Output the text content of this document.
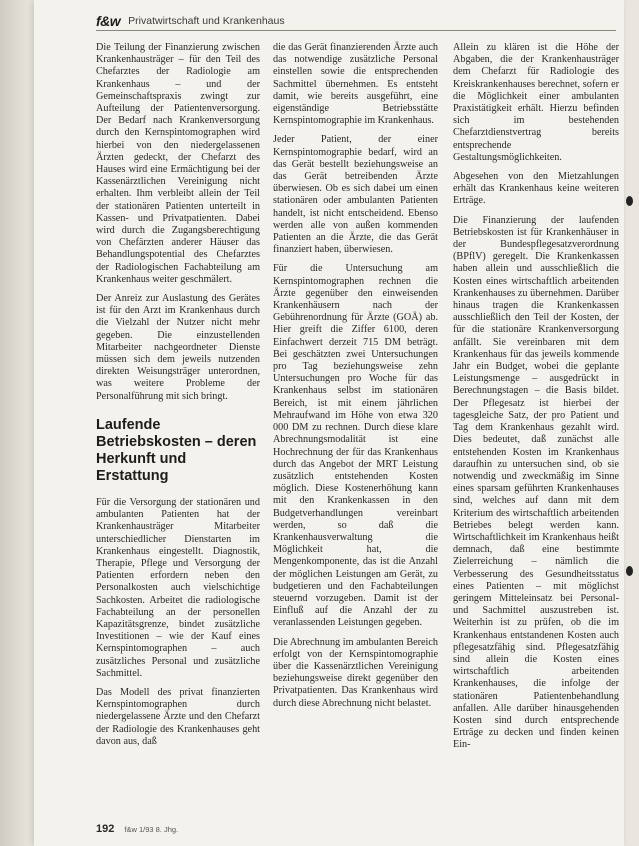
f&w Privatwirtschaft und Krankenhaus

Die Teilung der Finanzierung zwischen Krankenhausträger – für den Teil des Chefarztes der Radiologie am Krankenhaus – und der Gemeinschaftspraxis zwingt zur Aufteilung der Patientenversorgung. Der Bedarf nach Krankenversorgung durch den Kernspintomographen wird hierbei von den niedergelassenen Ärzten gedeckt, der Chefarzt des Hauses wird eine Ermächtigung bei der Kassenärztlichen Vereinigung nicht erhalten. Ihm verbleibt allein der Teil der stationären Patienten unterteilt in Kassen- und Privatpatienten. Dabei wird durch die Zugangsberechtigung von Chefärzten anderer Häuser das Behandlungspotential des Chefarztes der Radiologischen Fachabteilung am Krankenhaus weiter geschmälert.

Der Anreiz zur Auslastung des Gerätes ist für den Arzt im Krankenhaus durch die Vielzahl der Nutzer nicht mehr gegeben. Die einzustellenden Mitarbeiter nachgeordneter Dienste müssen sich dem jeweils nutzenden direkten Weisungsträger unterordnen, was weitere Probleme der Personalführung mit sich bringt.

Laufende Betriebskosten – deren Herkunft und Erstattung

Für die Versorgung der stationären und ambulanten Patienten hat der Krankenhausträger Mitarbeiter unterschiedlicher Dienstarten im Krankenhaus eingestellt. Diagnostik, Therapie, Pflege und Versorgung der Patienten erfordern neben den Personalkosten auch vielschichtige Sachkosten. Arbeitet die radiologische Fachabteilung an der personellen Kapazitätsgrenze, bindet zusätzliche Investitionen – wie der Kauf eines Kernspintomographen – auch zusätzliches Personal und zusätzliche Sachmittel.

Das Modell des privat finanzierten Kernspintomographen durch niedergelassene Ärzte und den Chefarzt der Radiologie des Krankenhauses geht davon aus, daß

die das Gerät finanzierenden Ärzte auch das notwendige zusätzliche Personal einstellen sowie die entsprechenden Sachmittel übernehmen. Es entsteht damit, wie bereits ausgeführt, eine eigenständige Betriebsstätte Kernspintomographie im Krankenhaus.

Jeder Patient, der einer Kernspintomographie bedarf, wird an das Gerät bestellt beziehungsweise an das Gerät betreibenden Ärzte überwiesen. Ob es sich dabei um einen stationären oder ambulanten Patienten handelt, ist nicht entscheidend. Ebenso werden alle von außen kommenden Patienten an die Ärzte, die das Gerät finanziert haben, überwiesen.

Für die Untersuchung am Kernspintomographen rechnen die Ärzte gegenüber den einweisenden Krankenhäusern nach der Gebührenordnung für Ärzte (GOÄ) ab. Hier greift die Ziffer 6100, deren Einfachwert derzeit 715 DM beträgt. Bei geschätzten zwei Untersuchungen pro Tag beziehungsweise zehn Untersuchungen pro Woche für das Krankenhaus selbst im stationären Bereich, ist mit einem jährlichen Mehraufwand im Höhe von etwa 320 000 DM zu rechnen. Durch diese klare Abrechnungsmodalität ist eine Hochrechnung der für das Krankenhaus durch das Angebot der MRT Leistung zusätzlich entstehenden Kosten möglich. Diese Kostenerhöhung kann mit den Krankenkassen in den Budgetverhandlungen vereinbart werden, so daß die Krankenhausverwaltung die Möglichkeit hat, die Mengenkomponente, das ist die Anzahl der möglichen Leistungen am Gerät, zu budgetieren und den Fachabteilungen steuernd vorzugeben. Damit ist der Einfluß auf die Anzahl der zu veranlassenden Leistungen gegeben.

Die Abrechnung im ambulanten Bereich erfolgt von der Kernspintomographie über die Kassenärztlichen Vereinigung beziehungsweise direkt gegenüber den Privatpatienten. Das Krankenhaus wird durch diese Abrechnung nicht belastet.

Allein zu klären ist die Höhe der Abgaben, die der Krankenhausträger dem Chefarzt für Radiologie des Kreiskrankenhauses berechnet, sofern er die Möglichkeit einer ambulanten Praxistätigkeit erhält. Hierzu befinden sich im bestehenden Chefarztdienstvertrag bereits entsprechende Gestaltungsmöglichkeiten.

Abgesehen von den Mietzahlungen erhält das Krankenhaus keine weiteren Erträge.

Die Finanzierung der laufenden Betriebskosten ist für Krankenhäuser in der Bundespflegesatzverordnung (BPflV) geregelt. Die Krankenkassen haben allein und ausschließlich die Kosten eines wirtschaftlich arbeitenden Krankenhauses zu übernehmen. Darüber hinaus tragen die Krankenkassen ausschließlich den Teil der Kosten, der für die stationäre Krankenversorgung anfällt. Sie vereinbaren mit dem Krankenhaus für das jeweils kommende Jahr ein Budget, wobei die geplante Leistungsmenge – ausgedrückt in Berechnungstagen – die Basis bildet. Der Pflegesatz ist hierbei der tagesgleiche Satz, der pro Patient und Tag dem Krankenhaus gezahlt wird. Dies bedeutet, daß zunächst alle entstehenden Kosten im Krankenhaus daraufhin zu untersuchen sind, ob sie notwendig und zweckmäßig im Sinne eines sparsam geführten Krankenhauses sind, welches auf dann mit dem Kriterium des wirtschaftlich arbeitenden Betriebes belegt werden kann. Wirtschaftlichkeit im Krankenhaus heißt demnach, daß eine bestimmte Zielerreichung – nämlich die Verbesserung des Gesundheitsstatus eines Patienten – mit möglichst geringem Mitteleinsatz bei Personal- und Sachmittel auszustreben ist. Weiterhin ist zu prüfen, ob die im Krankenhaus entstandenen Kosten auch pflegesatzfähig sind. Pflegesatzfähig sind allein die Kosten eines wirtschaftlich arbeitenden Krankenhauses, die infolge der stationären Patientenbehandlung anfallen. Alle darüber hinausgehenden Kosten sind durch entsprechende Erträge zu decken und finden keinen Ein-

192 f&w 1/93 8. Jhg.
